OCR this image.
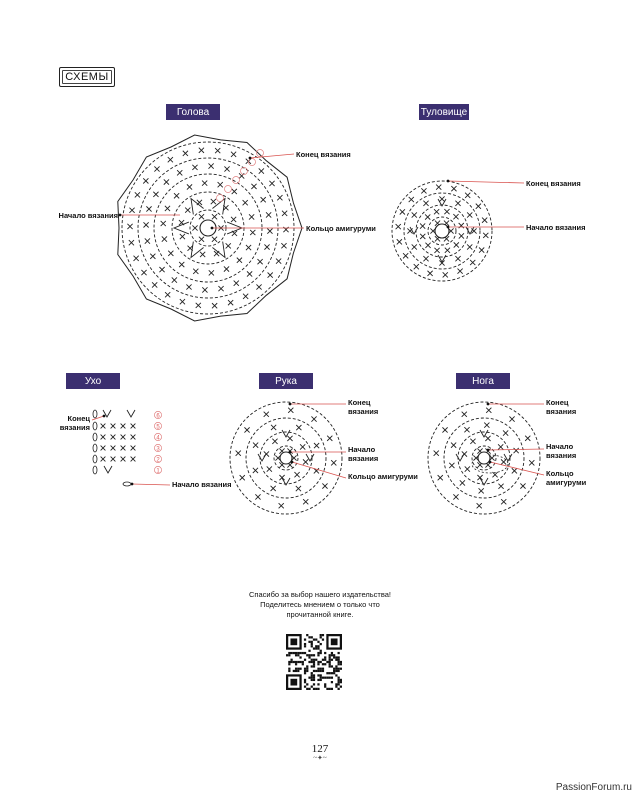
СХЕМЫ
Голова	Туловище
Ухо	Рука	Нога
6
5
4
3
2
1
Конец вязания
Начало вязания
Кольцо амигуруми
Конец вязания
Начало вязания
Конец вязания
Начало вязания
Конец вязания
Начало вязания
Кольцо амигуруми
Конец вязания
Начало вязания
Кольцо амигуруми
Спасибо за выбор нашего издательства!
Поделитесь мнением о только что
прочитанной книге.
127
~✦~
PassionForum.ru
